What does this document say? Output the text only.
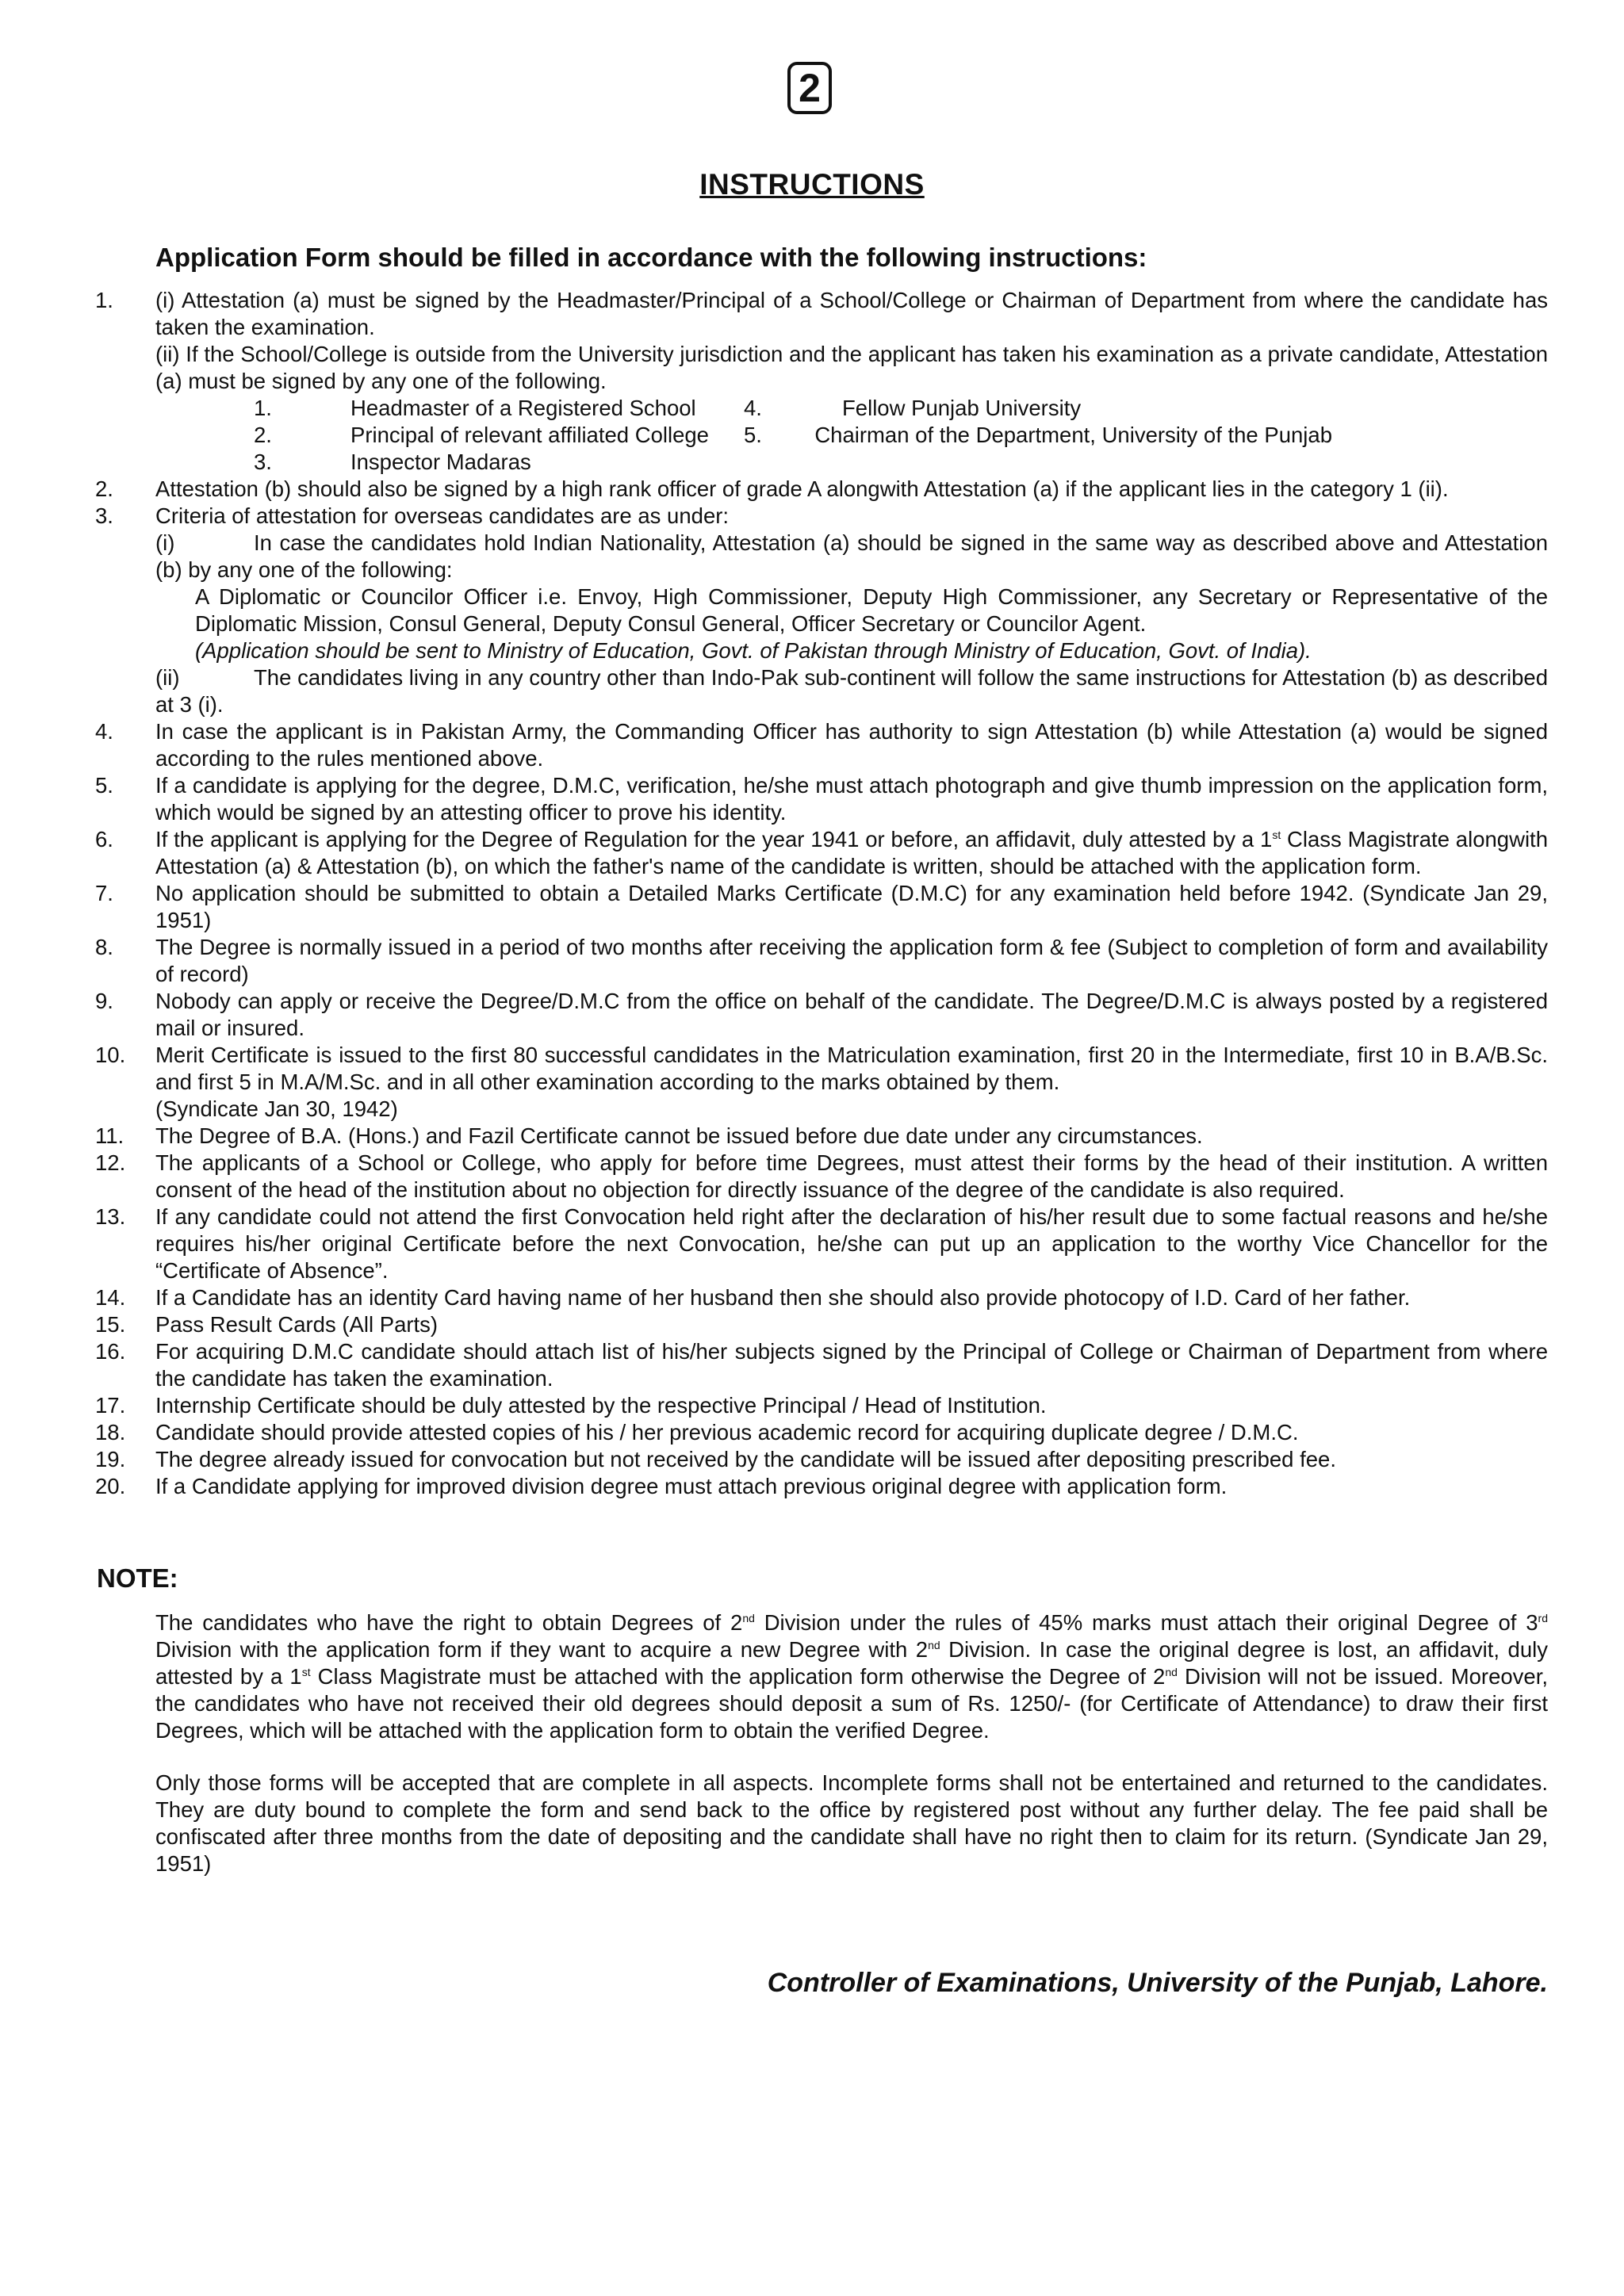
2
INSTRUCTIONS
Application Form should be filled in accordance with the following instructions:
1. (i) Attestation (a) must be signed by the Headmaster/Principal of a School/College or Chairman of Department from where the candidate has taken the examination.
(ii) If the School/College is outside from the University jurisdiction and the applicant has taken his examination as a private candidate, Attestation (a) must be signed by any one of the following.
1.	Headmaster of a Registered School
2.	Principal of relevant affiliated College
3.	Inspector Madaras
4.	Fellow Punjab University
5.	Chairman of the Department, University of the Punjab
2. Attestation (b) should also be signed by a high rank officer of grade A alongwith Attestation (a) if the applicant lies in the category 1 (ii).
3. Criteria of attestation for overseas candidates are as under:
(i)	In case the candidates hold Indian Nationality, Attestation (a) should be signed in the same way as described above and Attestation (b) by any one of the following:
A Diplomatic or Councilor Officer i.e. Envoy, High Commissioner, Deputy High Commissioner, any Secretary or Representative of the Diplomatic Mission, Consul General, Deputy Consul General, Officer Secretary or Councilor Agent.
(Application should be sent to Ministry of Education, Govt. of Pakistan through Ministry of Education, Govt. of India).
(ii)	The candidates living in any country other than Indo-Pak sub-continent will follow the same instructions for Attestation (b) as described at 3 (i).
4. In case the applicant is in Pakistan Army, the Commanding Officer has authority to sign Attestation (b) while Attestation (a) would be signed according to the rules mentioned above.
5. If a candidate is applying for the degree, D.M.C, verification, he/she must attach photograph and give thumb impression on the application form, which would be signed by an attesting officer to prove his identity.
6. If the applicant is applying for the Degree of Regulation for the year 1941 or before, an affidavit, duly attested by a 1st Class Magistrate alongwith Attestation (a) & Attestation (b), on which the father's name of the candidate is written, should be attached with the application form.
7. No application should be submitted to obtain a Detailed Marks Certificate (D.M.C) for any examination held before 1942. (Syndicate Jan 29, 1951)
8. The Degree is normally issued in a period of two months after receiving the application form & fee (Subject to completion of form and availability of record)
9. Nobody can apply or receive the Degree/D.M.C from the office on behalf of the candidate. The Degree/D.M.C is always posted by a registered mail or insured.
10. Merit Certificate is issued to the first 80 successful candidates in the Matriculation examination, first 20 in the Intermediate, first 10 in B.A/B.Sc. and first 5 in M.A/M.Sc. and in all other examination according to the marks obtained by them.
(Syndicate Jan 30, 1942)
11. The Degree of B.A. (Hons.) and Fazil Certificate cannot be issued before due date under any circumstances.
12. The applicants of a School or College, who apply for before time Degrees, must attest their forms by the head of their institution. A written consent of the head of the institution about no objection for directly issuance of the degree of the candidate is also required.
13. If any candidate could not attend the first Convocation held right after the declaration of his/her result due to some factual reasons and he/she requires his/her original Certificate before the next Convocation, he/she can put up an application to the worthy Vice Chancellor for the “Certificate of Absence”.
14. If a Candidate has an identity Card having name of her husband then she should also provide photocopy of I.D. Card of her father.
15. Pass Result Cards (All Parts)
16. For acquiring D.M.C candidate should attach list of his/her subjects signed by the Principal of College or Chairman of Department from where the candidate has taken the examination.
17. Internship Certificate should be duly attested by the respective Principal / Head of Institution.
18. Candidate should provide attested copies of his / her previous academic record for acquiring duplicate degree / D.M.C.
19. The degree already issued for convocation but not received by the candidate will be issued after depositing prescribed fee.
20. If a Candidate applying for improved division degree must attach previous original degree with application form.
NOTE:
The candidates who have the right to obtain Degrees of 2nd Division under the rules of 45% marks must attach their original Degree of 3rd Division with the application form if they want to acquire a new Degree with 2nd Division. In case the original degree is lost, an affidavit, duly attested by a 1st Class Magistrate must be attached with the application form otherwise the Degree of 2nd Division will not be issued. Moreover, the candidates who have not received their old degrees should deposit a sum of Rs. 1250/- (for Certificate of Attendance) to draw their first Degrees, which will be attached with the application form to obtain the verified Degree.
Only those forms will be accepted that are complete in all aspects. Incomplete forms shall not be entertained and returned to the candidates. They are duty bound to complete the form and send back to the office by registered post without any further delay. The fee paid shall be confiscated after three months from the date of depositing and the candidate shall have no right then to claim for its return. (Syndicate Jan 29, 1951)
Controller of Examinations, University of the Punjab, Lahore.
